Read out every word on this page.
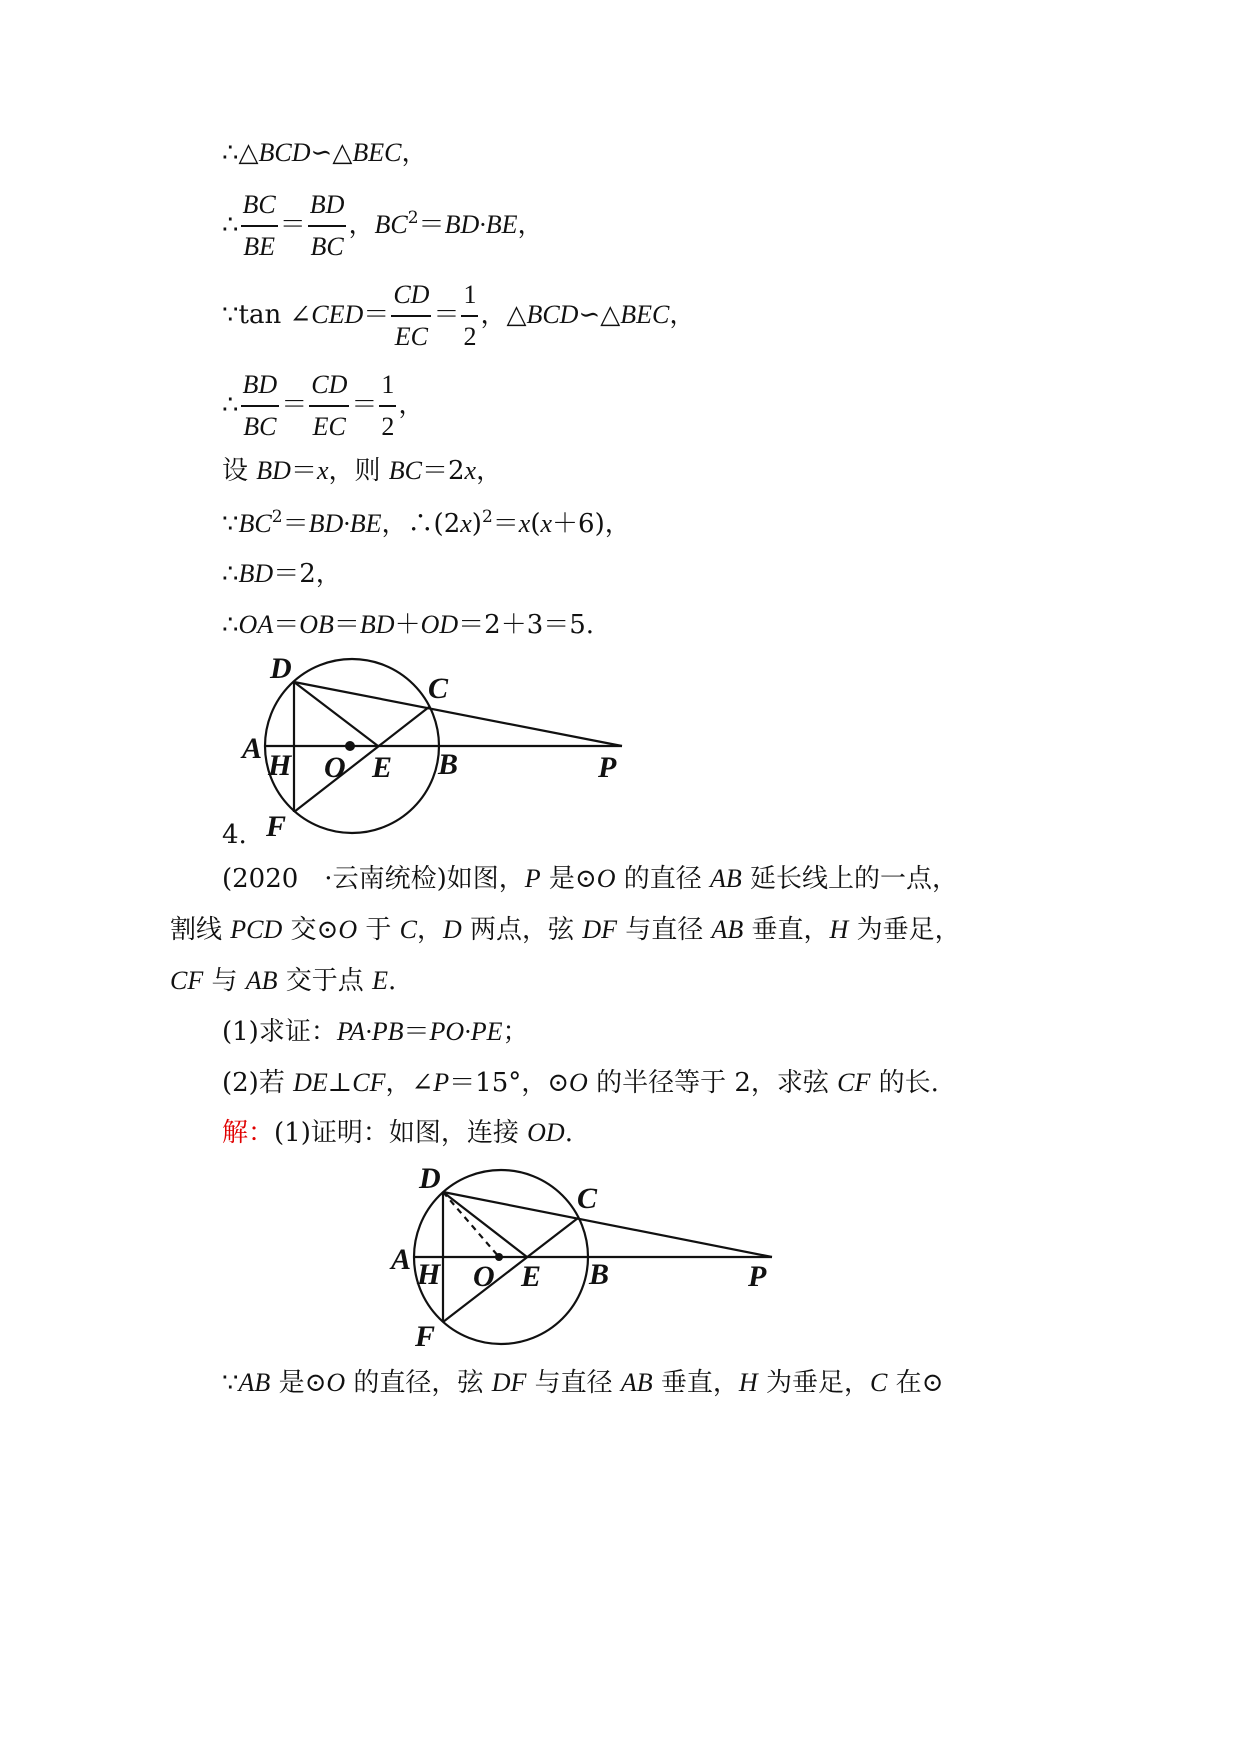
∴△BCD∽△BEC，
∴ $\frac{BC}{BE} = \frac{BD}{BC}$ ，$BC^2=BD\cdot BE$，
∵tan ∠CED＝ $\frac{CD}{EC} = \frac{1}{2}$ ，△BCD∽△BEC，
∴ $\frac{BD}{BC} = \frac{CD}{EC} = \frac{1}{2}$ ，
设 BD＝x，则 BC＝2x，
$\because BC^2=BD\cdot BE$，$\therefore(2x)^2=x(x+6)$，
∴BD＝2，
∴OA＝OB＝BD＋OD＝2＋3＝5.
D
C
A
H O E B	P
F
4.
(2020　·云南统检)如图，P 是⊙O 的直径 AB 延长线上的一点，
割线 PCD 交⊙O 于 C，D 两点，弦 DF 与直径 AB 垂直，H 为垂足，
CF 与 AB 交于点 E.
(1)求证：PA·PB＝PO·PE；
(2)若 DE⊥CF，∠P＝15°，⊙O 的半径等于 2，求弦 CF 的长.
解：(1)证明：如图，连接 OD.
D
C
A H O E B	P
F
∵AB 是⊙O 的直径，弦 DF 与直径 AB 垂直，H 为垂足，C 在⊙
